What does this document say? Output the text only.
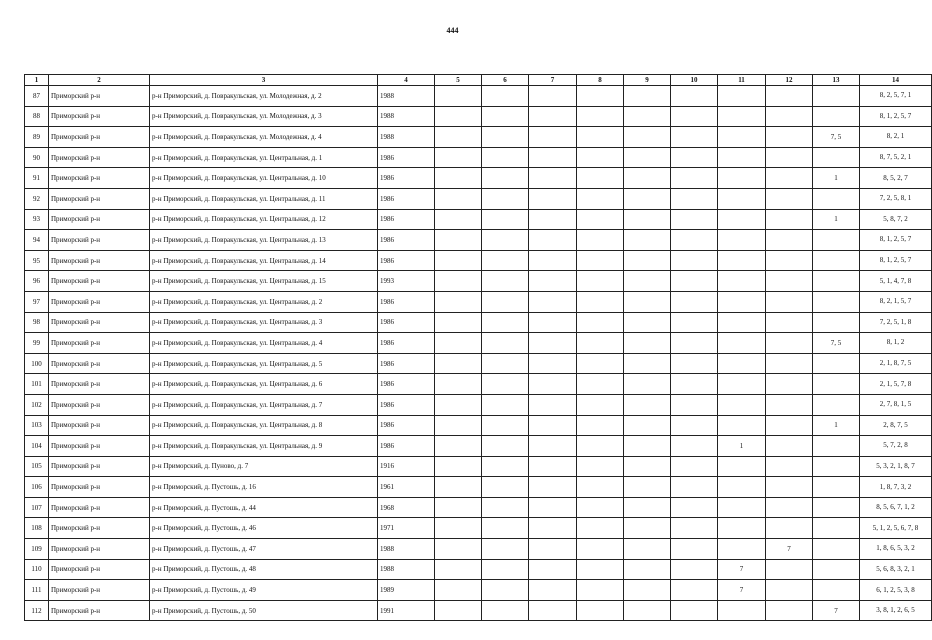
444
1	2	3	4	5	6	7	8	9	10	11	12	13	14
87	Приморский р-н	р-н Приморский, д. Повракульская, ул. Молодежная, д. 2	1988										8, 2, 5, 7, 1
88	Приморский р-н	р-н Приморский, д. Повракульская, ул. Молодежная, д. 3	1988										8, 1, 2, 5, 7
89	Приморский р-н	р-н Приморский, д. Повракульская, ул. Молодежная, д. 4	1988									7, 5	8, 2, 1
90	Приморский р-н	р-н Приморский, д. Повракульская, ул. Центральная, д. 1	1986										8, 7, 5, 2, 1
91	Приморский р-н	р-н Приморский, д. Повракульская, ул. Центральная, д. 10	1986									1	8, 5, 2, 7
92	Приморский р-н	р-н Приморский, д. Повракульская, ул. Центральная, д. 11	1986										7, 2, 5, 8, 1
93	Приморский р-н	р-н Приморский, д. Повракульская, ул. Центральная, д. 12	1986									1	5, 8, 7, 2
94	Приморский р-н	р-н Приморский, д. Повракульская, ул. Центральная, д. 13	1986										8, 1, 2, 5, 7
95	Приморский р-н	р-н Приморский, д. Повракульская, ул. Центральная, д. 14	1986										8, 1, 2, 5, 7
96	Приморский р-н	р-н Приморский, д. Повракульская, ул. Центральная, д. 15	1993										5, 1, 4, 7, 8
97	Приморский р-н	р-н Приморский, д. Повракульская, ул. Центральная, д. 2	1986										8, 2, 1, 5, 7
98	Приморский р-н	р-н Приморский, д. Повракульская, ул. Центральная, д. 3	1986										7, 2, 5, 1, 8
99	Приморский р-н	р-н Приморский, д. Повракульская, ул. Центральная, д. 4	1986									7, 5	8, 1, 2
100	Приморский р-н	р-н Приморский, д. Повракульская, ул. Центральная, д. 5	1986										2, 1, 8, 7, 5
101	Приморский р-н	р-н Приморский, д. Повракульская, ул. Центральная, д. 6	1986										2, 1, 5, 7, 8
102	Приморский р-н	р-н Приморский, д. Повракульская, ул. Центральная, д. 7	1986										2, 7, 8, 1, 5
103	Приморский р-н	р-н Приморский, д. Повракульская, ул. Центральная, д. 8	1986									1	2, 8, 7, 5
104	Приморский р-н	р-н Приморский, д. Повракульская, ул. Центральная, д. 9	1986							1			5, 7, 2, 8
105	Приморский р-н	р-н Приморский, д. Пуново, д. 7	1916										5, 3, 2, 1, 8, 7
106	Приморский р-н	р-н Приморский, д. Пустошь, д. 16	1961										1, 8, 7, 3, 2
107	Приморский р-н	р-н Приморский, д. Пустошь, д. 44	1968										8, 5, 6, 7, 1, 2
108	Приморский р-н	р-н Приморский, д. Пустошь, д. 46	1971										5, 1, 2, 5, 6, 7, 8
109	Приморский р-н	р-н Приморский, д. Пустошь, д. 47	1988								7		1, 8, 6, 5, 3, 2
110	Приморский р-н	р-н Приморский, д. Пустошь, д. 48	1988							7			5, 6, 8, 3, 2, 1
111	Приморский р-н	р-н Приморский, д. Пустошь, д. 49	1989							7			6, 1, 2, 5, 3, 8
112	Приморский р-н	р-н Приморский, д. Пустошь, д. 50	1991									7	3, 8, 1, 2, 6, 5
